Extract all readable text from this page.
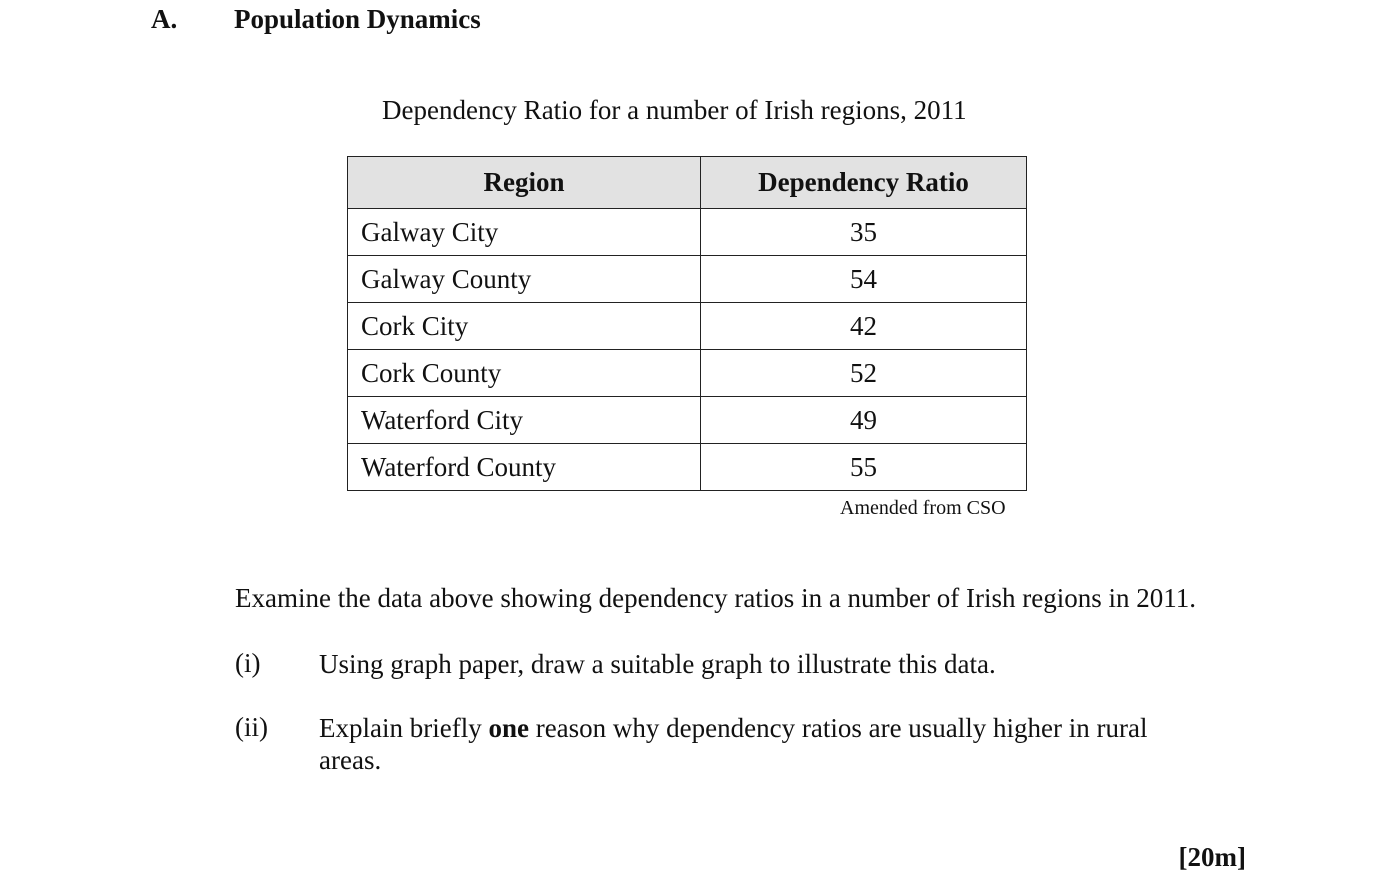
A. Population Dynamics
Dependency Ratio for a number of Irish regions, 2011
Region	Dependency Ratio
Galway City	35
Galway County	54
Cork City	42
Cork County	52
Waterford City	49
Waterford County	55
Amended from CSO
Examine the data above showing dependency ratios in a number of Irish regions in 2011.
(i) Using graph paper, draw a suitable graph to illustrate this data.
(ii) Explain briefly one reason why dependency ratios are usually higher in rural areas.
[20m]
